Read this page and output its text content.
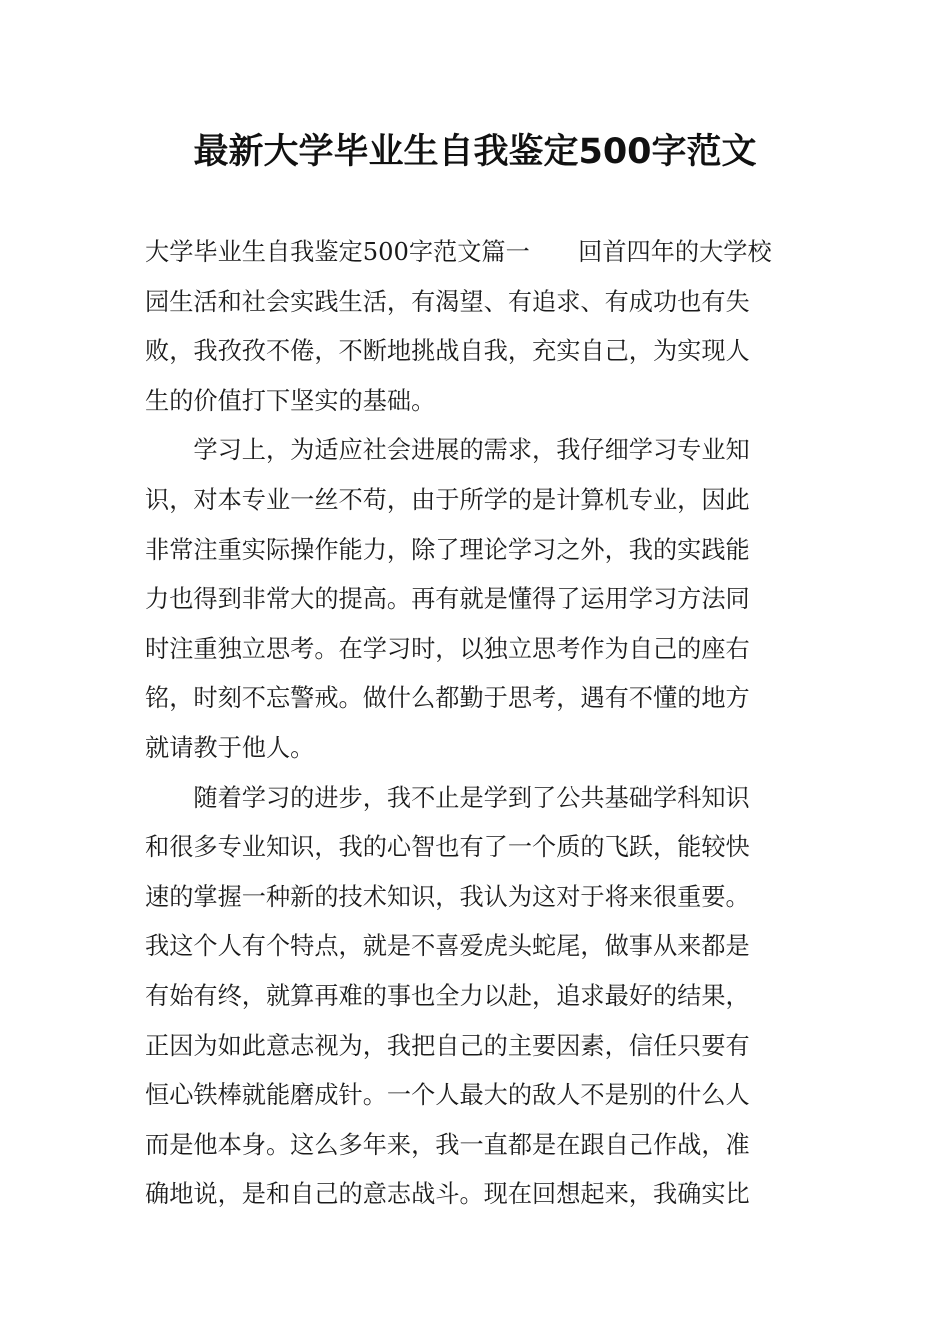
最新大学毕业生自我鉴定500字范文
大学毕业生自我鉴定500字范文篇一　　回首四年的大学校
园生活和社会实践生活，有渴望、有追求、有成功也有失
败，我孜孜不倦，不断地挑战自我，充实自己，为实现人
生的价值打下坚实的基础。
　　学习上，为适应社会进展的需求，我仔细学习专业知
识，对本专业一丝不苟，由于所学的是计算机专业，因此
非常注重实际操作能力，除了理论学习之外，我的实践能
力也得到非常大的提高。再有就是懂得了运用学习方法同
时注重独立思考。在学习时，以独立思考作为自己的座右
铭，时刻不忘警戒。做什么都勤于思考，遇有不懂的地方
就请教于他人。
　　随着学习的进步，我不止是学到了公共基础学科知识
和很多专业知识，我的心智也有了一个质的飞跃，能较快
速的掌握一种新的技术知识，我认为这对于将来很重要。
我这个人有个特点，就是不喜爱虎头蛇尾，做事从来都是
有始有终，就算再难的事也全力以赴，追求最好的结果，
正因为如此意志视为，我把自己的主要因素，信任只要有
恒心铁棒就能磨成针。一个人最大的敌人不是别的什么人
而是他本身。这么多年来，我一直都是在跟自己作战，准
确地说，是和自己的意志战斗。现在回想起来，我确实比
